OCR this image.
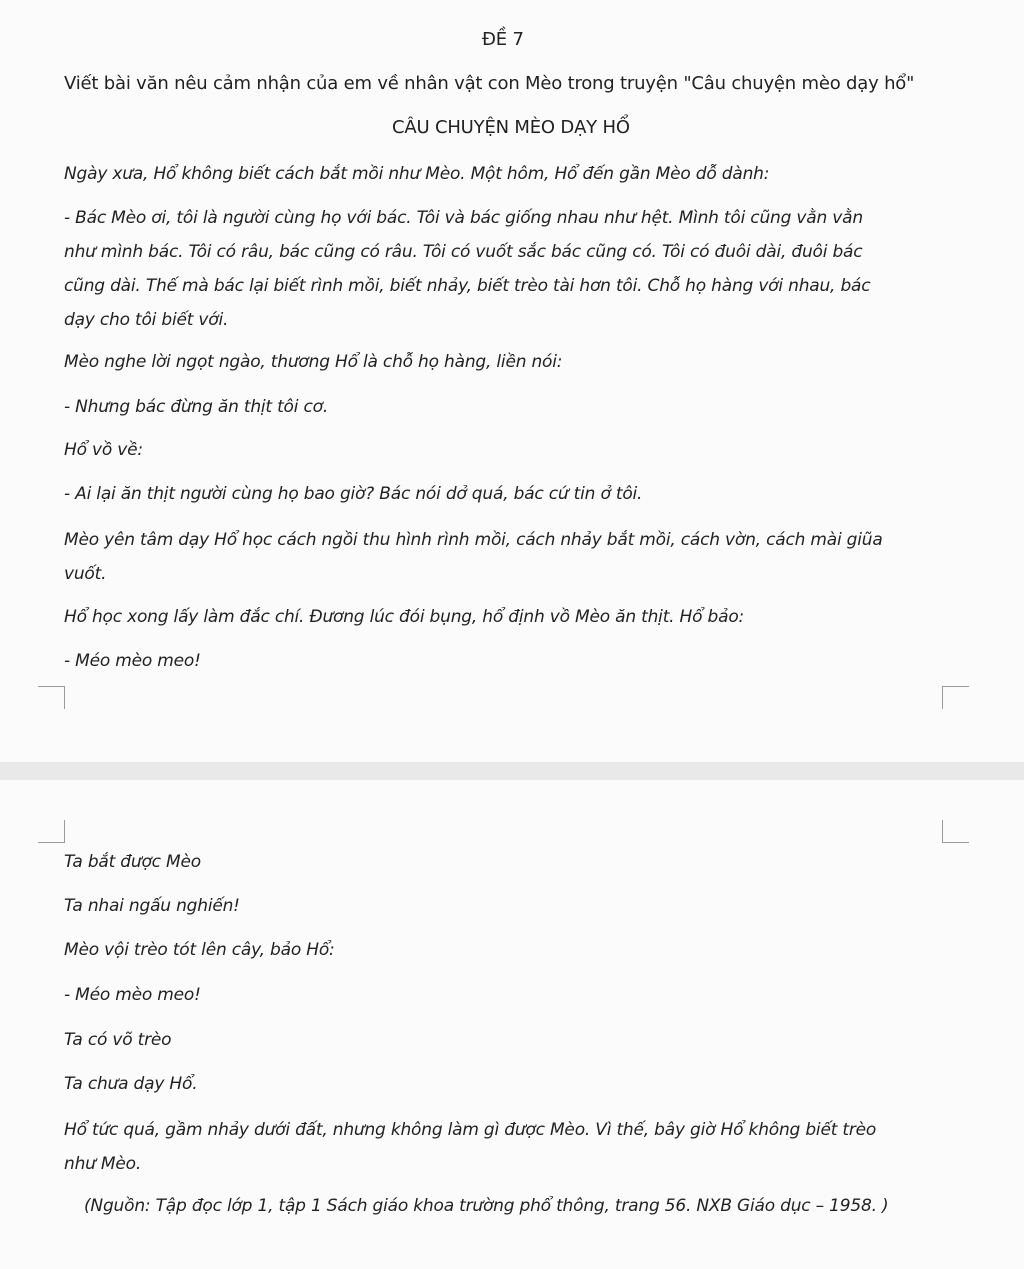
ĐỀ 7

Viết bài văn nêu cảm nhận của em về nhân vật con Mèo trong truyện "Câu chuyện mèo dạy hổ"

CÂU CHUYỆN MÈO DẠY HỔ

Ngày xưa, Hổ không biết cách bắt mồi như Mèo. Một hôm, Hổ đến gần Mèo dỗ dành:

- Bác Mèo ơi, tôi là người cùng họ với bác. Tôi và bác giống nhau như hệt. Mình tôi cũng vằn vằn

như mình bác. Tôi có râu, bác cũng có râu. Tôi có vuốt sắc bác cũng có. Tôi có đuôi dài, đuôi bác

cũng dài. Thế mà bác lại biết rình mồi, biết nhảy, biết trèo tài hơn tôi. Chỗ họ hàng với nhau, bác

dạy cho tôi biết với.

Mèo nghe lời ngọt ngào, thương Hổ là chỗ họ hàng, liền nói:

- Nhưng bác đừng ăn thịt tôi cơ.

Hổ vồ về:

- Ai lại ăn thịt người cùng họ bao giờ? Bác nói dở quá, bác cứ tin ở tôi.

Mèo yên tâm dạy Hổ học cách ngồi thu hình rình mồi, cách nhảy bắt mồi, cách vờn, cách mài giũa

vuốt.

Hổ học xong lấy làm đắc chí. Đương lúc đói bụng, hổ định vồ Mèo ăn thịt. Hổ bảo:

- Méo mèo meo!

Ta bắt được Mèo

Ta nhai ngấu nghiến!

Mèo vội trèo tót lên cây, bảo Hổ:

- Méo mèo meo!

Ta có võ trèo

Ta chưa dạy Hổ.

Hổ tức quá, gầm nhảy dưới đất, nhưng không làm gì được Mèo. Vì thế, bây giờ Hổ không biết trèo

như Mèo.

(Nguồn: Tập đọc lớp 1, tập 1 Sách giáo khoa trường phổ thông, trang 56. NXB Giáo dục – 1958. )
